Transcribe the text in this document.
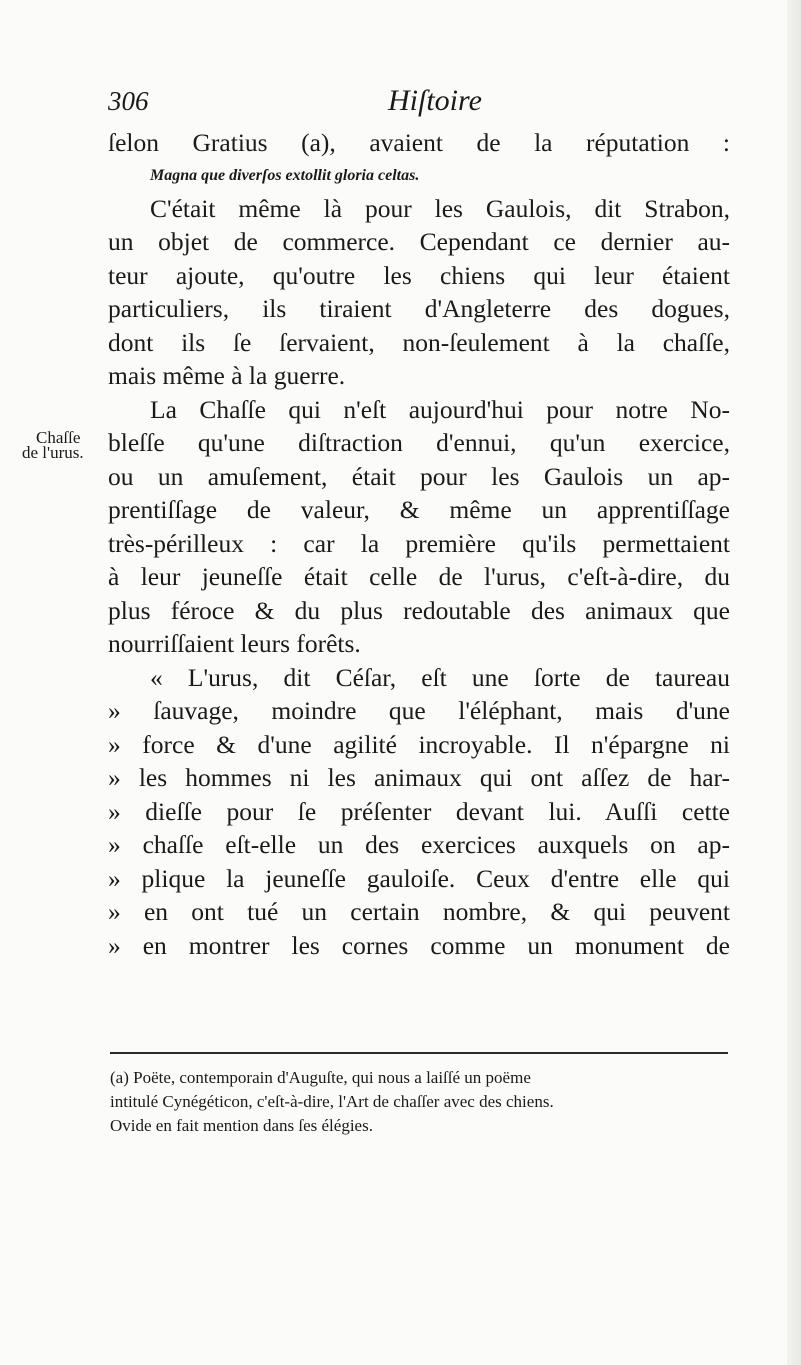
306	Hiſtoire
Chaſſe
de l'urus.
ſelon Gratius (a), avaient de la réputation :
Magna que diverſos extollit gloria celtas.
C'était même là pour les Gaulois, dit Strabon,
un objet de commerce. Cependant ce dernier au-
teur ajoute, qu'outre les chiens qui leur étaient
particuliers, ils tiraient d'Angleterre des dogues,
dont ils ſe ſervaient, non-ſeulement à la chaſſe,
mais même à la guerre.
La Chaſſe qui n'eſt aujourd'hui pour notre No-
bleſſe qu'une diſtraction d'ennui, qu'un exercice,
ou un amuſement, était pour les Gaulois un ap-
prentiſſage de valeur, & même un apprentiſſage
très-périlleux : car la première qu'ils permettaient
à leur jeuneſſe était celle de l'urus, c'eſt-à-dire, du
plus féroce & du plus redoutable des animaux que
nourriſſaient leurs forêts.
« L'urus, dit Céſar, eſt une ſorte de taureau
» ſauvage, moindre que l'éléphant, mais d'une
» force & d'une agilité incroyable. Il n'épargne ni
» les hommes ni les animaux qui ont aſſez de har-
» dieſſe pour ſe préſenter devant lui. Auſſi cette
» chaſſe eſt-elle un des exercices auxquels on ap-
» plique la jeuneſſe gauloiſe. Ceux d'entre elle qui
» en ont tué un certain nombre, & qui peuvent
» en montrer les cornes comme un monument de
(a) Poëte, contemporain d'Auguſte, qui nous a laiſſé un poëme
intitulé Cynégéticon, c'eſt-à-dire, l'Art de chaſſer avec des chiens.
Ovide en fait mention dans ſes élégies.
